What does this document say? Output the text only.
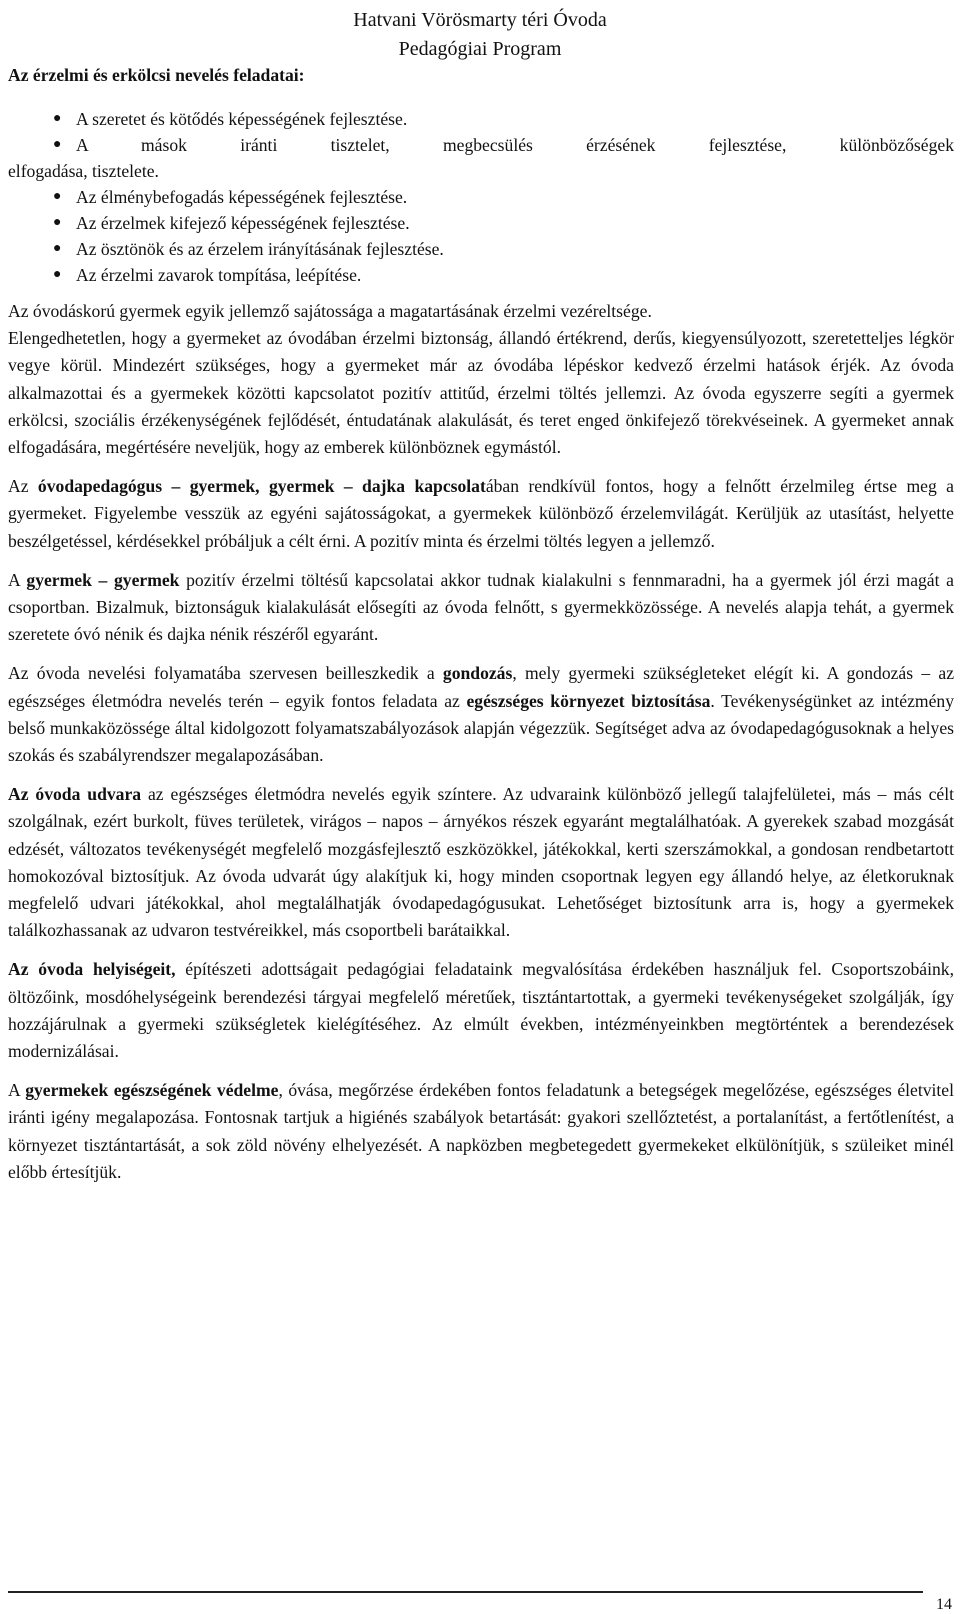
Hatvani Vörösmarty téri Óvoda
Pedagógiai Program
Az érzelmi és erkölcsi nevelés feladatai:
● A szeretet és kötődés képességének fejlesztése.
● A mások iránti tisztelet, megbecsülés érzésének fejlesztése, különbözőségek
elfogadása, tisztelete.
● Az élménybefogadás képességének fejlesztése.
● Az érzelmek kifejező képességének fejlesztése.
● Az ösztönök és az érzelem irányításának fejlesztése.
● Az érzelmi zavarok tompítása, leépítése.

Az óvodáskorú gyermek egyik jellemző sajátossága a magatartásának érzelmi vezéreltsége.

Elengedhetetlen, hogy a gyermeket az óvodában érzelmi biztonság, állandó értékrend, derűs, kiegyensúlyozott, szeretetteljes légkör vegye körül. Mindezért szükséges, hogy a gyermeket már az óvodába lépéskor kedvező érzelmi hatások érjék. Az óvoda alkalmazottai és a gyermekek közötti kapcsolatot pozitív attitűd, érzelmi töltés jellemzi. Az óvoda egyszerre segíti a gyermek erkölcsi, szociális érzékenységének fejlődését, éntudatának alakulását, és teret enged önkifejező törekvéseinek. A gyermeket annak elfogadására, megértésére neveljük, hogy az emberek különböznek egymástól.

Az óvodapedagógus – gyermek, gyermek – dajka kapcsolatában rendkívül fontos, hogy a felnőtt érzelmileg értse meg a gyermeket. Figyelembe vesszük az egyéni sajátosságokat, a gyermekek különböző érzelemvilágát. Kerüljük az utasítást, helyette beszélgetéssel, kérdésekkel próbáljuk a célt érni. A pozitív minta és érzelmi töltés legyen a jellemző.

A gyermek – gyermek pozitív érzelmi töltésű kapcsolatai akkor tudnak kialakulni s fennmaradni, ha a gyermek jól érzi magát a csoportban. Bizalmuk, biztonságuk kialakulását elősegíti az óvoda felnőtt, s gyermekközössége. A nevelés alapja tehát, a gyermek szeretete óvó nénik és dajka nénik részéről egyaránt.

Az óvoda nevelési folyamatába szervesen beilleszkedik a gondozás, mely gyermeki szükségleteket elégít ki. A gondozás – az egészséges életmódra nevelés terén – egyik fontos feladata az egészséges környezet biztosítása. Tevékenységünket az intézmény belső munkaközössége által kidolgozott folyamatszabályozások alapján végezzük. Segítséget adva az óvodapedagógusoknak a helyes szokás és szabályrendszer megalapozásában.

Az óvoda udvara az egészséges életmódra nevelés egyik színtere. Az udvaraink különböző jellegű talajfelületei, más – más célt szolgálnak, ezért burkolt, füves területek, virágos – napos – árnyékos részek egyaránt megtalálhatóak. A gyerekek szabad mozgását edzését, változatos tevékenységét megfelelő mozgásfejlesztő eszközökkel, játékokkal, kerti szerszámokkal, a gondosan rendbetartott homokozóval biztosítjuk. Az óvoda udvarát úgy alakítjuk ki, hogy minden csoportnak legyen egy állandó helye, az életkoruknak megfelelő udvari játékokkal, ahol megtalálhatják óvodapedagógusukat. Lehetőséget biztosítunk arra is, hogy a gyermekek találkozhassanak az udvaron testvéreikkel, más csoportbeli barátaikkal.

Az óvoda helyiségeit, építészeti adottságait pedagógiai feladataink megvalósítása érdekében használjuk fel. Csoportszobáink, öltözőink, mosdóhelységeink berendezési tárgyai megfelelő méretűek, tisztántartottak, a gyermeki tevékenységeket szolgálják, így hozzájárulnak a gyermeki szükségletek kielégítéséhez. Az elmúlt években, intézményeinkben megtörténtek a berendezések modernizálásai.

A gyermekek egészségének védelme, óvása, megőrzése érdekében fontos feladatunk a betegségek megelőzése, egészséges életvitel iránti igény megalapozása. Fontosnak tartjuk a higiénés szabályok betartását: gyakori szellőztetést, a portalanítást, a fertőtlenítést, a környezet tisztántartását, a sok zöld növény elhelyezését. A napközben megbetegedett gyermekeket elkülönítjük, s szüleiket minél előbb értesítjük.

14
